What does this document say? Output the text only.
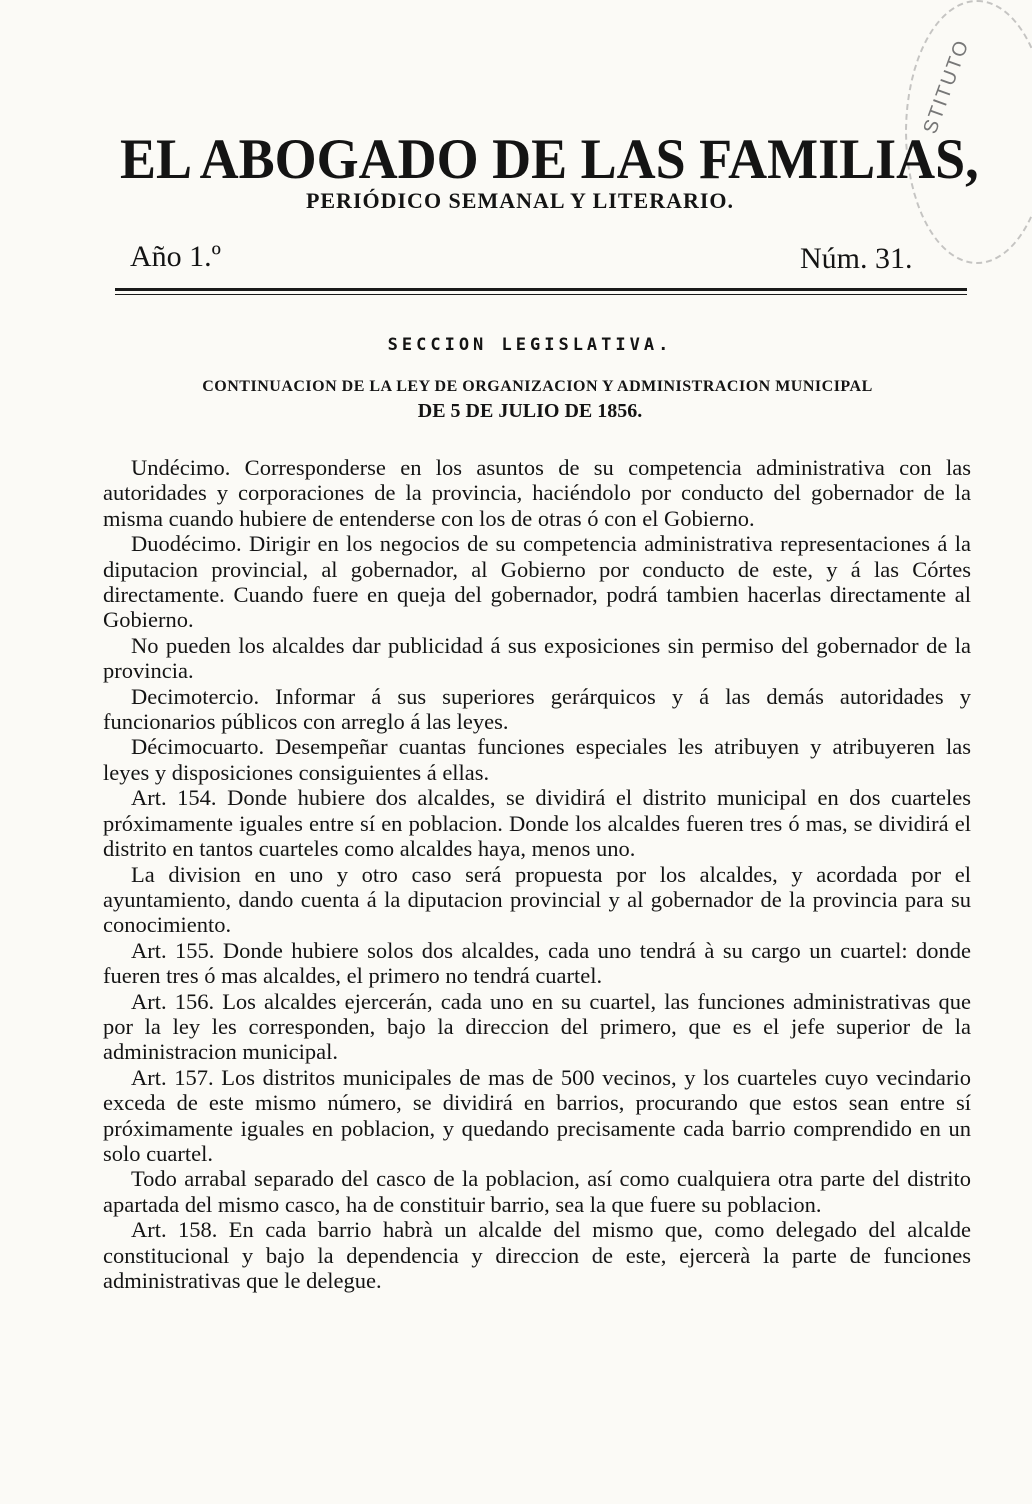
STITUTO
EL ABOGADO DE LAS FAMILIAS,
PERIÓDICO SEMANAL Y LITERARIO.
Año 1.º	Núm. 31.
SECCION LEGISLATIVA.
CONTINUACION DE LA LEY DE ORGANIZACION Y ADMINISTRACION MUNICIPAL
DE 5 DE JULIO DE 1856.

Undécimo. Corresponderse en los asuntos de su competencia administrativa con las autoridades y corporaciones de la provincia, haciéndolo por conducto del gobernador de la misma cuando hubiere de entenderse con los de otras ó con el Gobierno.

Duodécimo. Dirigir en los negocios de su competencia administrativa representaciones á la diputacion provincial, al gobernador, al Gobierno por conducto de este, y á las Córtes directamente. Cuando fuere en queja del gobernador, podrá tambien hacerlas directamente al Gobierno.

No pueden los alcaldes dar publicidad á sus exposiciones sin permiso del gobernador de la provincia.

Decimotercio. Informar á sus superiores gerárquicos y á las demás autoridades y funcionarios públicos con arreglo á las leyes.

Décimocuarto. Desempeñar cuantas funciones especiales les atribuyen y atribuyeren las leyes y disposiciones consiguientes á ellas.

Art. 154. Donde hubiere dos alcaldes, se dividirá el distrito municipal en dos cuarteles próximamente iguales entre sí en poblacion. Donde los alcaldes fueren tres ó mas, se dividirá el distrito en tantos cuarteles como alcaldes haya, menos uno.

La division en uno y otro caso será propuesta por los alcaldes, y acordada por el ayuntamiento, dando cuenta á la diputacion provincial y al gobernador de la provincia para su conocimiento.

Art. 155. Donde hubiere solos dos alcaldes, cada uno tendrá à su cargo un cuartel: donde fueren tres ó mas alcaldes, el primero no tendrá cuartel.

Art. 156. Los alcaldes ejercerán, cada uno en su cuartel, las funciones administrativas que por la ley les corresponden, bajo la direccion del primero, que es el jefe superior de la administracion municipal.

Art. 157. Los distritos municipales de mas de 500 vecinos, y los cuarteles cuyo vecindario exceda de este mismo número, se dividirá en barrios, procurando que estos sean entre sí próximamente iguales en poblacion, y quedando precisamente cada barrio comprendido en un solo cuartel.

Todo arrabal separado del casco de la poblacion, así como cualquiera otra parte del distrito apartada del mismo casco, ha de constituir barrio, sea la que fuere su poblacion.

Art. 158. En cada barrio habrà un alcalde del mismo que, como delegado del alcalde constitucional y bajo la dependencia y direccion de este, ejercerà la parte de funciones administrativas que le delegue.
